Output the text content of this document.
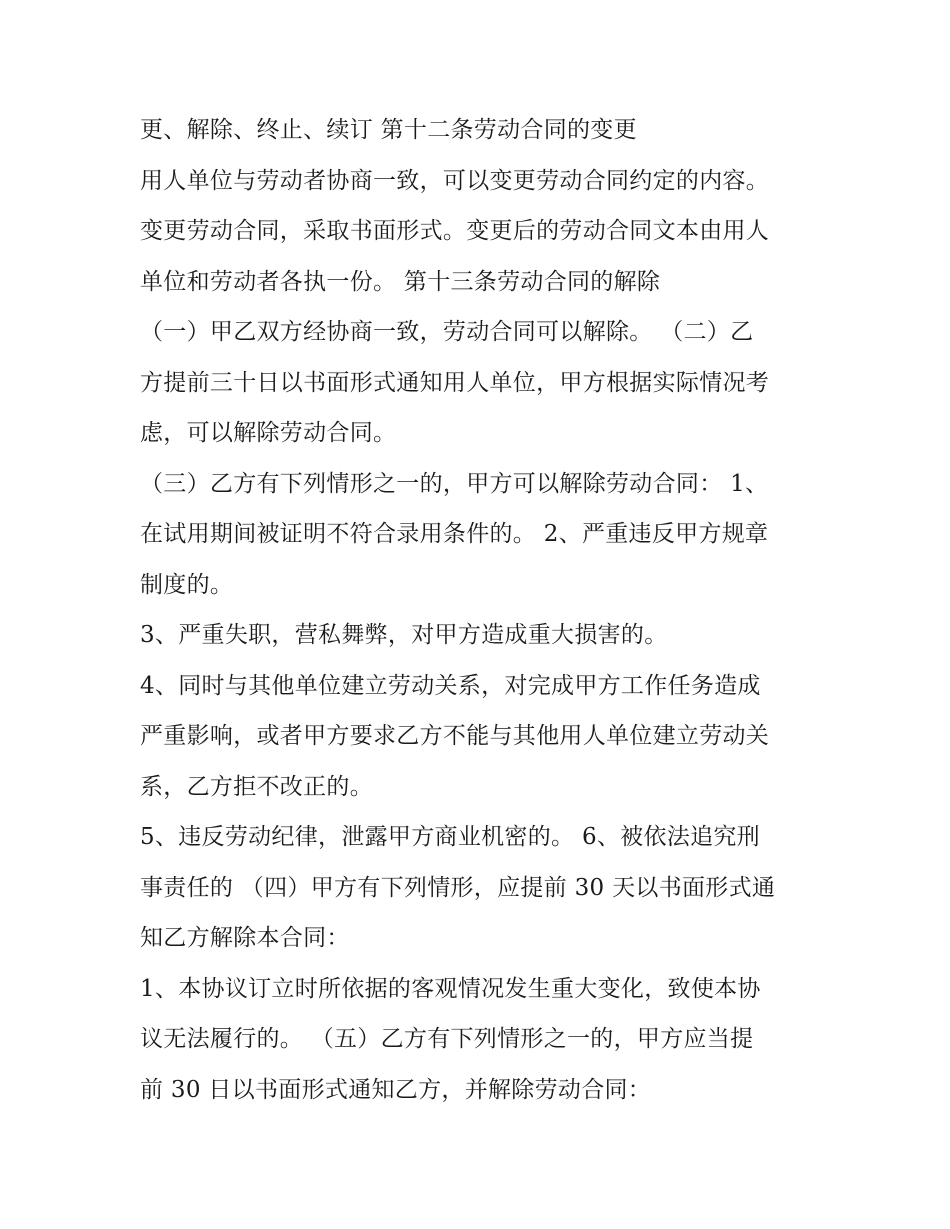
更、解除、终止、续订 第十二条劳动合同的变更

用人单位与劳动者协商一致，可以变更劳动合同约定的内容。

变更劳动合同，采取书面形式。变更后的劳动合同文本由用人

单位和劳动者各执一份。 第十三条劳动合同的解除

（一）甲乙双方经协商一致，劳动合同可以解除。 （二）乙

方提前三十日以书面形式通知用人单位，甲方根据实际情况考

虑，可以解除劳动合同。

（三）乙方有下列情形之一的，甲方可以解除劳动合同： 1、

在试用期间被证明不符合录用条件的。 2、严重违反甲方规章

制度的。

3、严重失职，营私舞弊，对甲方造成重大损害的。

4、同时与其他单位建立劳动关系，对完成甲方工作任务造成

严重影响，或者甲方要求乙方不能与其他用人单位建立劳动关

系，乙方拒不改正的。

5、违反劳动纪律，泄露甲方商业机密的。 6、被依法追究刑

事责任的 （四）甲方有下列情形，应提前 30 天以书面形式通

知乙方解除本合同：

1、本协议订立时所依据的客观情况发生重大变化，致使本协

议无法履行的。 （五）乙方有下列情形之一的，甲方应当提

前 30 日以书面形式通知乙方，并解除劳动合同：
